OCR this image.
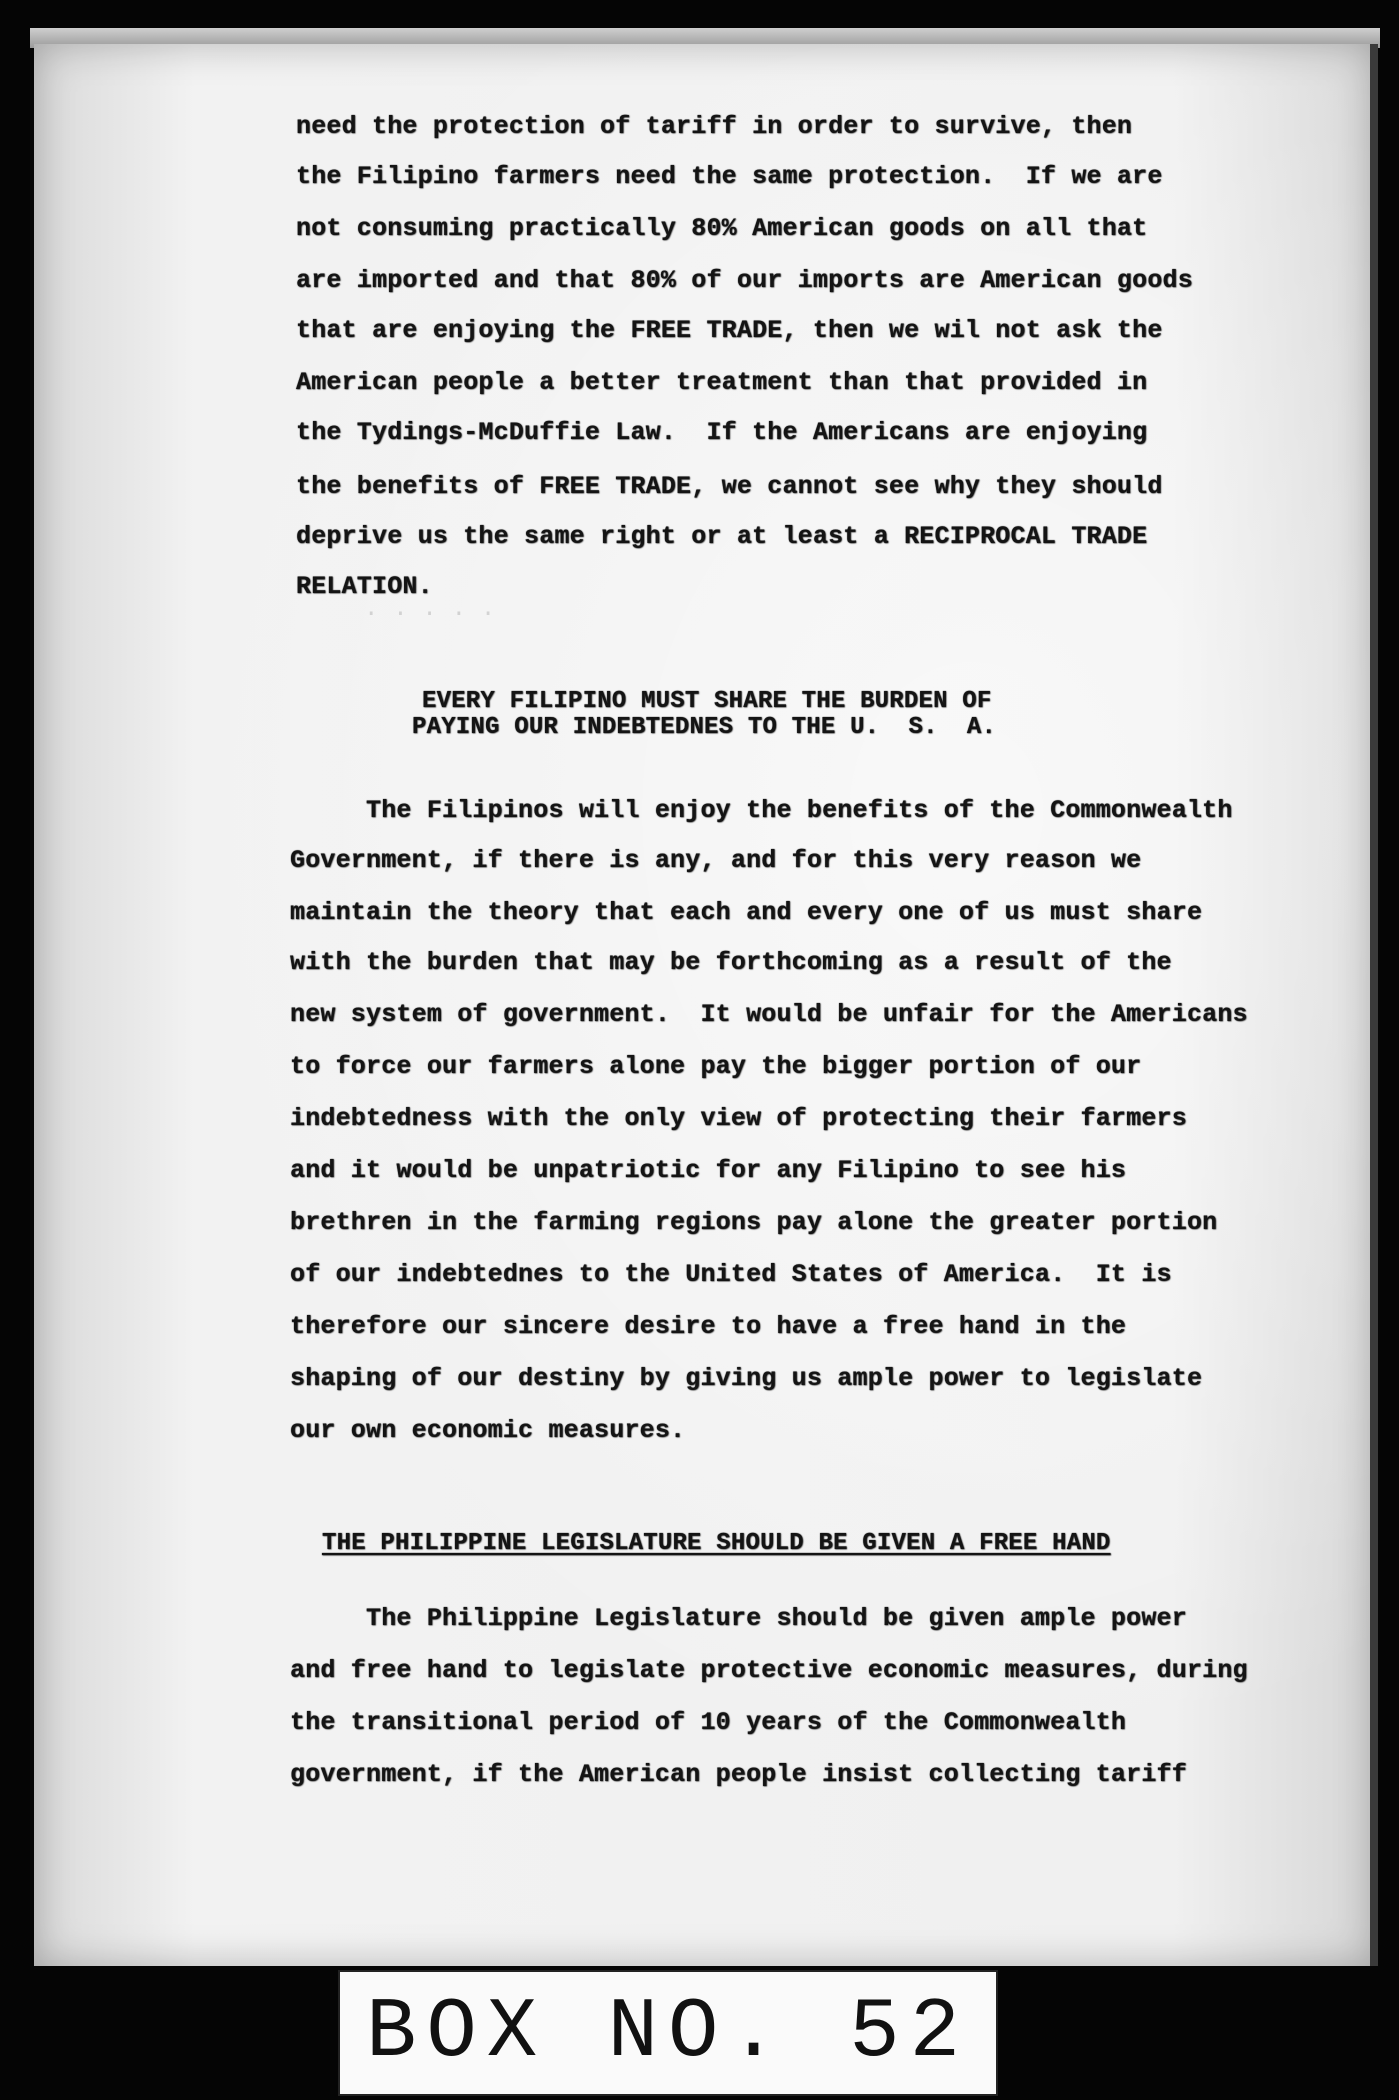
. . . . .
need the protection of tariff in order to survive, then
the Filipino farmers need the same protection.  If we are
not consuming practically 80% American goods on all that
are imported and that 80% of our imports are American goods
that are enjoying the FREE TRADE, then we wil not ask the
American people a better treatment than that provided in
the Tydings-McDuffie Law.  If the Americans are enjoying
the benefits of FREE TRADE, we cannot see why they should
deprive us the same right or at least a RECIPROCAL TRADE
RELATION.
EVERY FILIPINO MUST SHARE THE BURDEN OF
PAYING OUR INDEBTEDNES TO THE U.  S.  A.
The Filipinos will enjoy the benefits of the Commonwealth
Government, if there is any, and for this very reason we
maintain the theory that each and every one of us must share
with the burden that may be forthcoming as a result of the
new system of government.  It would be unfair for the Americans
to force our farmers alone pay the bigger portion of our
indebtedness with the only view of protecting their farmers
and it would be unpatriotic for any Filipino to see his
brethren in the farming regions pay alone the greater portion
of our indebtednes to the United States of America.  It is
therefore our sincere desire to have a free hand in the
shaping of our destiny by giving us ample power to legislate
our own economic measures.
THE PHILIPPINE LEGISLATURE SHOULD BE GIVEN A FREE HAND
The Philippine Legislature should be given ample power
and free hand to legislate protective economic measures, during
the transitional period of 10 years of the Commonwealth
government, if the American people insist collecting tariff
BOX NO. 52
